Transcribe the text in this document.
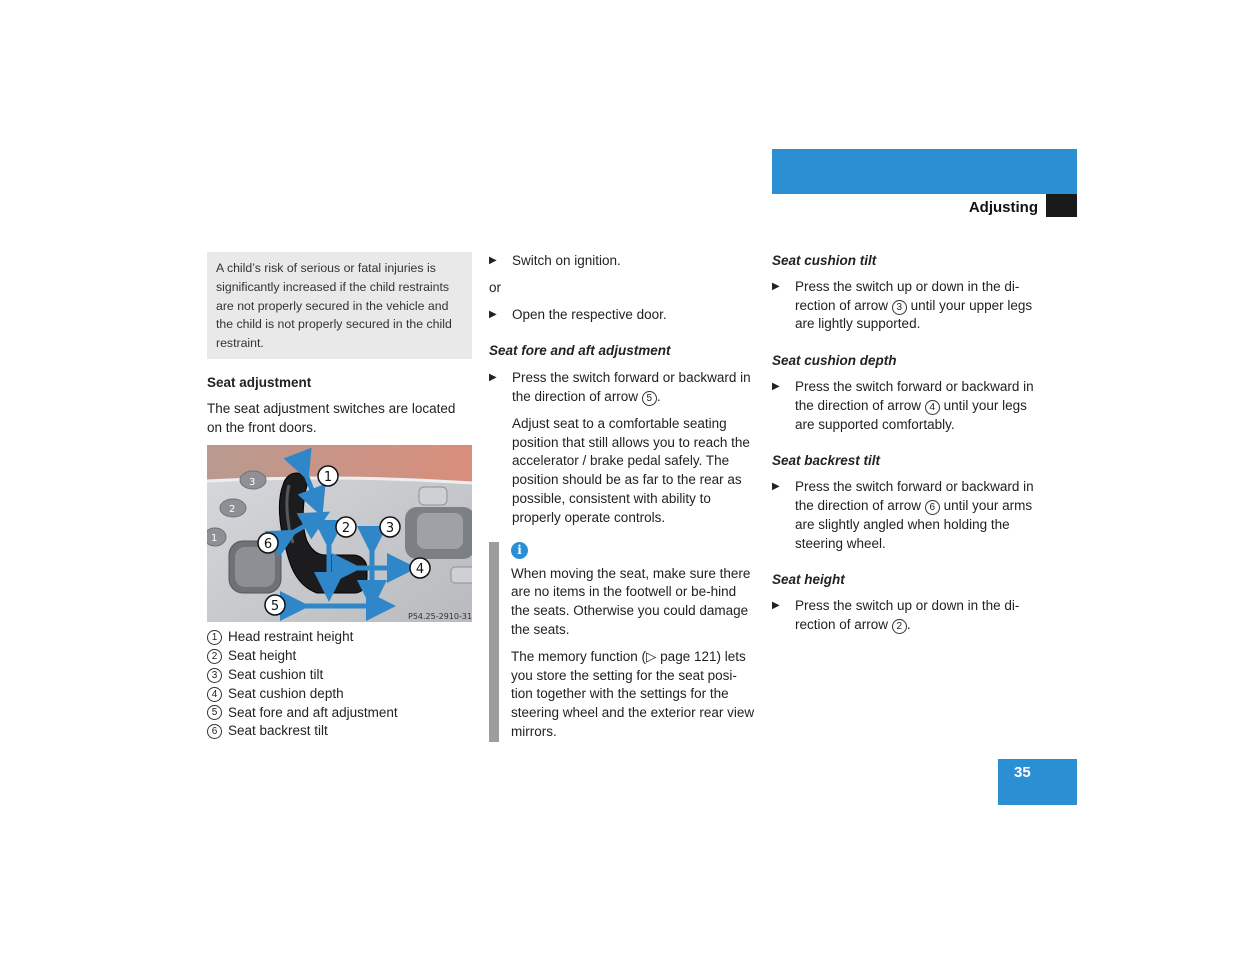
Getting started
Adjusting

A child’s risk of serious or fatal injuries is significantly increased if the child restraints are not properly secured in the vehicle and the child is not properly secured in the child restraint.

Seat adjustment

The seat adjustment switches are located on the front doors.

3
2
1
1
2	3
4
5
6
P54.25-2910-31
1 Head restraint height
2 Seat height
3 Seat cushion tilt
4 Seat cushion depth
5 Seat fore and aft adjustment
6 Seat backrest tilt
▶ Switch on ignition.

or

▶ Open the respective door.

Seat fore and aft adjustment

▶ Press the switch forward or backward in the direction of arrow 5 .

Adjust seat to a comfortable seating position that still allows you to reach the accelerator / brake pedal safely. The position should be as far to the rear as possible, consistent with ability to properly operate controls.

i

When moving the seat, make sure there are no items in the footwell or be-hind the seats. Otherwise you could damage the seats.

The memory function (▷ page 121) lets you store the setting for the seat posi-tion together with the settings for the steering wheel and the exterior rear view mirrors.

Seat cushion tilt

▶ Press the switch up or down in the di-rection of arrow 3 until your upper legs are lightly supported.

Seat cushion depth

▶ Press the switch forward or backward in the direction of arrow 4 until your legs are supported comfortably.

Seat backrest tilt

▶ Press the switch forward or backward in the direction of arrow 6 until your arms are slightly angled when holding the steering wheel.

Seat height

▶ Press the switch up or down in the di-rection of arrow 2 .
35
